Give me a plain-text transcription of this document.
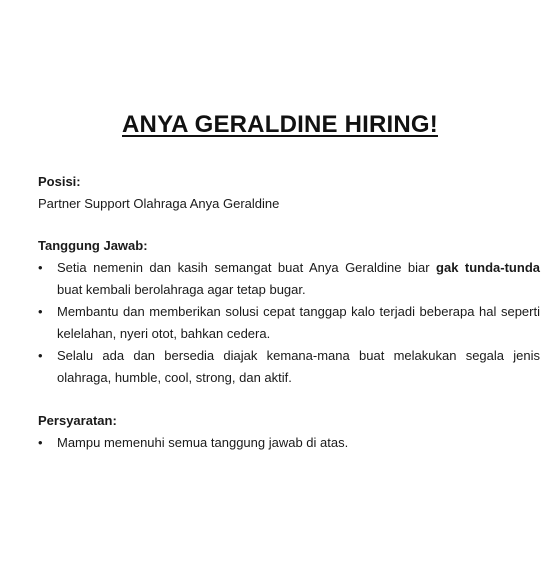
ANYA GERALDINE HIRING!
Posisi:
Partner Support Olahraga Anya Geraldine
Tanggung Jawab:
• Setia nemenin dan kasih semangat buat Anya Geraldine biar gak tunda-tunda buat kembali berolahraga agar tetap bugar.
• Membantu dan memberikan solusi cepat tanggap kalo terjadi beberapa hal seperti kelelahan, nyeri otot, bahkan cedera.
• Selalu ada dan bersedia diajak kemana-mana buat melakukan segala jenis olahraga, humble, cool, strong, dan aktif.
Persyaratan:
• Mampu memenuhi semua tanggung jawab di atas.
